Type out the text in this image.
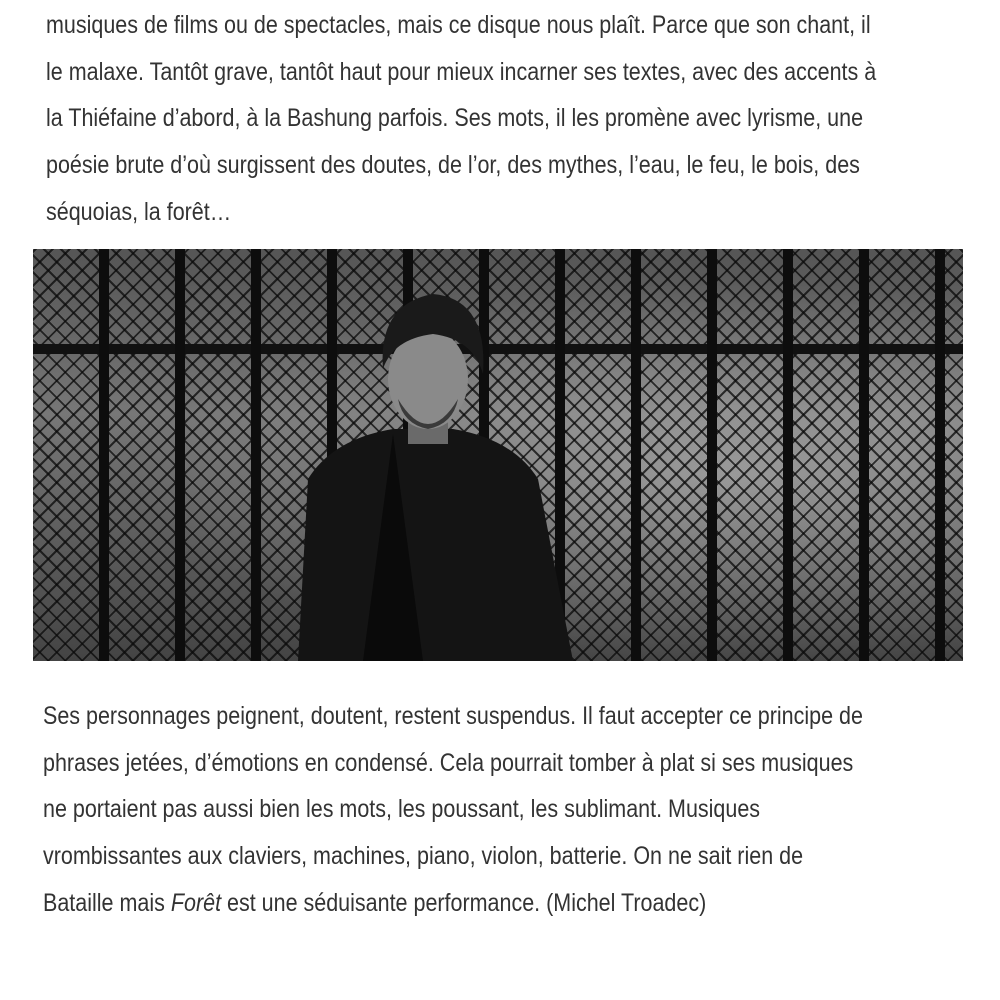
musiques de films ou de spectacles, mais ce disque nous plaît. Parce que son chant, il
le malaxe. Tantôt grave, tantôt haut pour mieux incarner ses textes, avec des accents à
la Thiéfaine d’abord, à la Bashung parfois. Ses mots, il les promène avec lyrisme, une
poésie brute d’où surgissent des doutes, de l’or, des mythes, l’eau, le feu, le bois, des
séquoias, la forêt…
Ses personnages peignent, doutent, restent suspendus. Il faut accepter ce principe de
phrases jetées, d’émotions en condensé. Cela pourrait tomber à plat si ses musiques
ne portaient pas aussi bien les mots, les poussant, les sublimant. Musiques
vrombissantes aux claviers, machines, piano, violon, batterie. On ne sait rien de
Bataille mais Forêt est une séduisante performance. (Michel Troadec)
